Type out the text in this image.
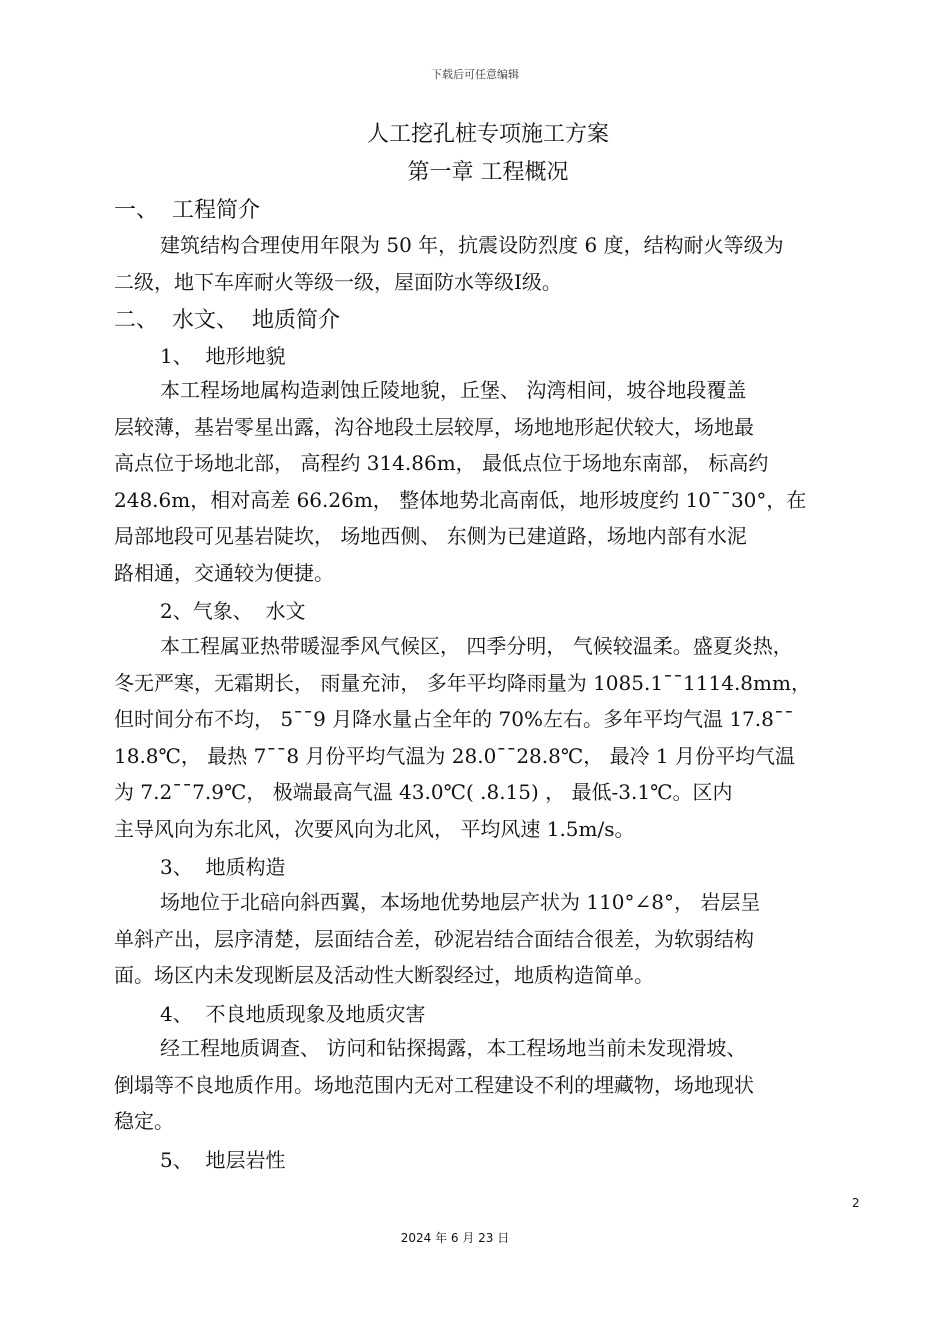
下载后可任意编辑
人工挖孔桩专项施工方案
第一章 工程概况
一、  工程简介
建筑结构合理使用年限为 50 年，抗震设防烈度 6 度，结构耐火等级为
二级，地下车库耐火等级一级，屋面防水等级Ⅰ级。
二、  水文、  地质简介
1、  地形地貌
本工程场地属构造剥蚀丘陵地貌，丘堡、 沟湾相间，坡谷地段覆盖
层较薄，基岩零星出露，沟谷地段土层较厚，场地地形起伏较大，场地最
高点位于场地北部， 高程约 314.86m， 最低点位于场地东南部， 标高约
248.6m，相对高差 66.26m， 整体地势北高南低，地形坡度约 10¯¯30°，在
局部地段可见基岩陡坎， 场地西侧、 东侧为已建道路，场地内部有水泥
路相通，交通较为便捷。
2、气象、  水文
本工程属亚热带暖湿季风气候区， 四季分明， 气候较温柔。盛夏炎热，
冬无严寒，无霜期长， 雨量充沛， 多年平均降雨量为 1085.1¯¯1114.8mm，
但时间分布不均， 5¯¯9 月降水量占全年的 70%左右。多年平均气温 17.8¯¯
18.8℃， 最热 7¯¯8 月份平均气温为 28.0¯¯28.8℃， 最冷 1 月份平均气温
为 7.2¯¯7.9℃， 极端最高气温 43.0℃( .8.15) ， 最低-3.1℃。区内
主导风向为东北风，次要风向为北风， 平均风速 1.5m/s。
3、  地质构造
场地位于北碚向斜西翼，本场地优势地层产状为 110°∠8°， 岩层呈
单斜产出，层序清楚，层面结合差，砂泥岩结合面结合很差，为软弱结构
面。场区内未发现断层及活动性大断裂经过，地质构造简单。
4、  不良地质现象及地质灾害
经工程地质调查、 访问和钻探揭露，本工程场地当前未发现滑坡、
倒塌等不良地质作用。场地范围内无对工程建设不利的埋藏物，场地现状
稳定。
5、  地层岩性
2
2024 年 6 月 23 日
